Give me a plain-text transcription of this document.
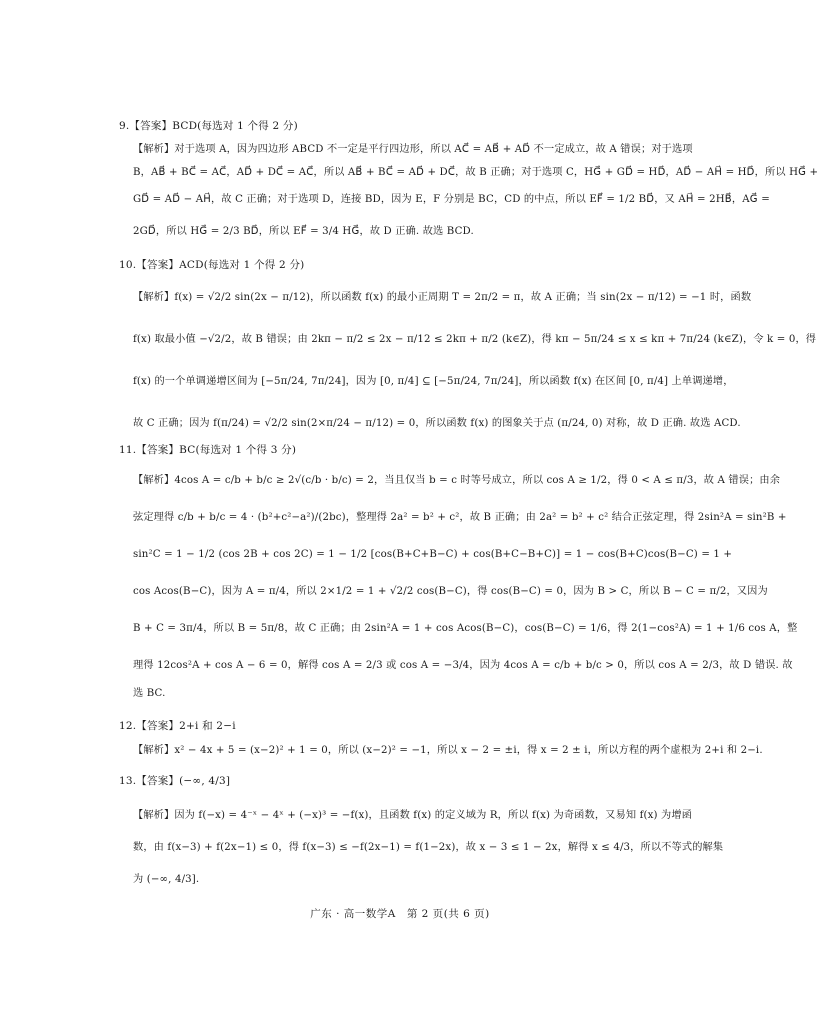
9.【答案】BCD(每选对 1 个得 2 分)
【解析】对于选项 A，因为四边形 ABCD 不一定是平行四边形，所以 AC⃗ = AB⃗ + AD⃗ 不一定成立，故 A 错误；对于选项
B，AB⃗ + BC⃗ = AC⃗，AD⃗ + DC⃗ = AC⃗，所以 AB⃗ + BC⃗ = AD⃗ + DC⃗，故 B 正确；对于选项 C，HG⃗ + GD⃗ = HD⃗，AD⃗ − AH⃗ = HD⃗，所以 HG⃗ +
GD⃗ = AD⃗ − AH⃗，故 C 正确；对于选项 D，连接 BD，因为 E，F 分别是 BC，CD 的中点，所以 EF⃗ = 1/2 BD⃗，又 AH⃗ = 2HB⃗，AG⃗ =
2GD⃗，所以 HG⃗ = 2/3 BD⃗，所以 EF⃗ = 3/4 HG⃗，故 D 正确. 故选 BCD.
10.【答案】ACD(每选对 1 个得 2 分)
【解析】f(x) = √2/2 sin(2x − π/12)，所以函数 f(x) 的最小正周期 T = 2π/2 = π，故 A 正确；当 sin(2x − π/12) = −1 时，函数
f(x) 取最小值 −√2/2，故 B 错误；由 2kπ − π/2 ≤ 2x − π/12 ≤ 2kπ + π/2 (k∈Z)，得 kπ − 5π/24 ≤ x ≤ kπ + 7π/24 (k∈Z)，令 k = 0，得
f(x) 的一个单调递增区间为 [−5π/24, 7π/24]，因为 [0, π/4] ⊆ [−5π/24, 7π/24]，所以函数 f(x) 在区间 [0, π/4] 上单调递增，
故 C 正确；因为 f(π/24) = √2/2 sin(2×π/24 − π/12) = 0，所以函数 f(x) 的图象关于点 (π/24, 0) 对称，故 D 正确. 故选 ACD.
11.【答案】BC(每选对 1 个得 3 分)
【解析】4cos A = c/b + b/c ≥ 2√(c/b · b/c) = 2，当且仅当 b = c 时等号成立，所以 cos A ≥ 1/2，得 0 < A ≤ π/3，故 A 错误；由余
弦定理得 c/b + b/c = 4 · (b²+c²−a²)/(2bc)，整理得 2a² = b² + c²，故 B 正确；由 2a² = b² + c² 结合正弦定理，得 2sin²A = sin²B +
sin²C = 1 − 1/2 (cos 2B + cos 2C) = 1 − 1/2 [cos(B+C+B−C) + cos(B+C−B+C)] = 1 − cos(B+C)cos(B−C) = 1 +
cos Acos(B−C)，因为 A = π/4，所以 2×1/2 = 1 + √2/2 cos(B−C)，得 cos(B−C) = 0，因为 B > C，所以 B − C = π/2，又因为
B + C = 3π/4，所以 B = 5π/8，故 C 正确；由 2sin²A = 1 + cos Acos(B−C)，cos(B−C) = 1/6，得 2(1−cos²A) = 1 + 1/6 cos A，整
理得 12cos²A + cos A − 6 = 0，解得 cos A = 2/3 或 cos A = −3/4，因为 4cos A = c/b + b/c > 0，所以 cos A = 2/3，故 D 错误. 故
选 BC.
12.【答案】2+i 和 2−i
【解析】x² − 4x + 5 = (x−2)² + 1 = 0，所以 (x−2)² = −1，所以 x − 2 = ±i，得 x = 2 ± i，所以方程的两个虚根为 2+i 和 2−i.
13.【答案】(−∞, 4/3]
【解析】因为 f(−x) = 4⁻ˣ − 4ˣ + (−x)³ = −f(x)，且函数 f(x) 的定义域为 R，所以 f(x) 为奇函数，又易知 f(x) 为增函
数，由 f(x−3) + f(2x−1) ≤ 0，得 f(x−3) ≤ −f(2x−1) = f(1−2x)，故 x − 3 ≤ 1 − 2x，解得 x ≤ 4/3，所以不等式的解集
为 (−∞, 4/3].
广东 · 高一数学A　第 2 页(共 6 页)
